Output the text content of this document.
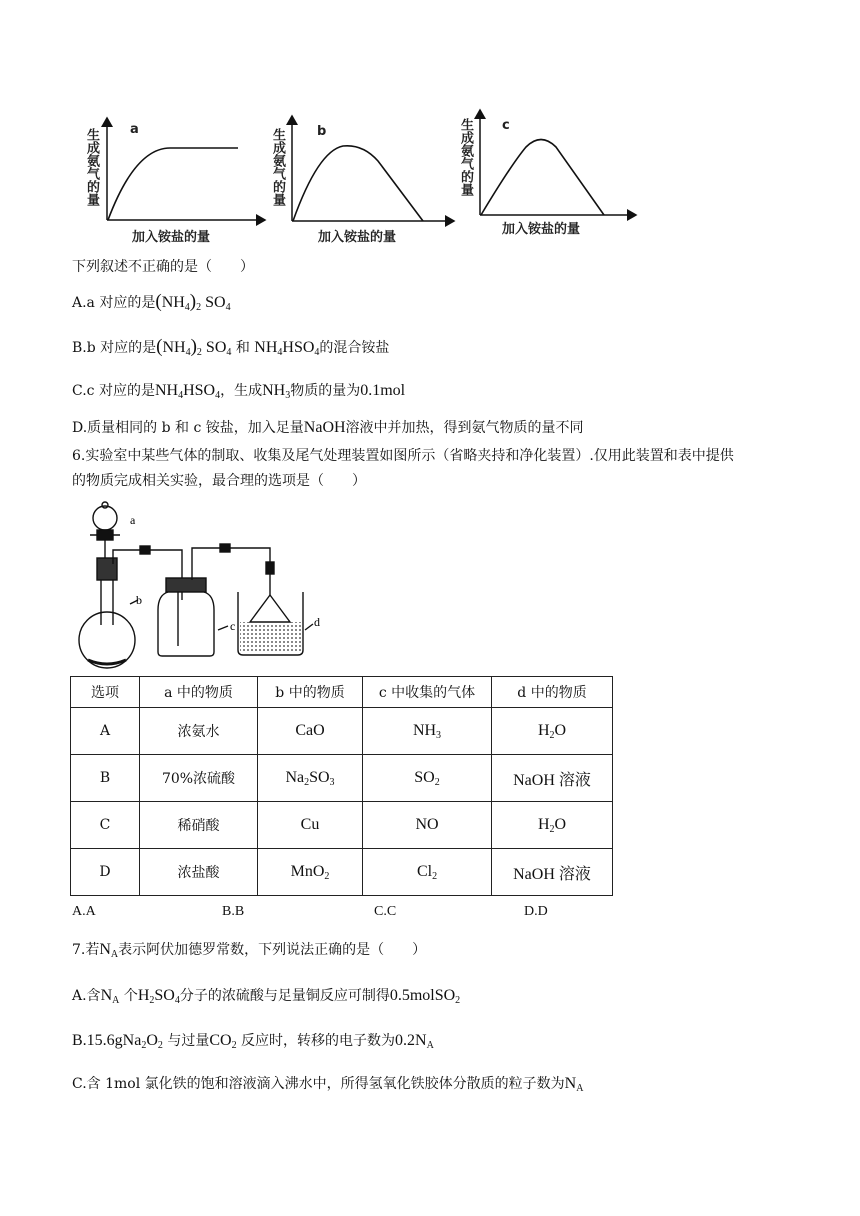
a
生成氨气的量
加入铵盐的量
b
生成氨气的量
加入铵盐的量
c
生成氨气的量
加入铵盐的量
下列叙述不正确的是（　　）
A.a 对应的是$(NH_4)_2$ $SO_4$
B.b 对应的是$(NH_4)_2$ $SO_4$ 和 $NH_4HSO_4$的混合铵盐
C.c 对应的是$NH_4HSO_4$，生成$NH_3$物质的量为0.1mol
D.质量相同的 b 和 c 铵盐，加入足量NaOH溶液中并加热，得到氨气物质的量不同
6.实验室中某些气体的制取、收集及尾气处理装置如图所示（省略夹持和净化装置）.仅用此装置和表中提供
的物质完成相关实验，最合理的选项是（　　）
a
b
c	d
选项	a 中的物质	b 中的物质	c 中收集的气体	d 中的物质
A	浓氨水	CaO	$NH_3$	$H_2O$
B	70%浓硫酸	$Na_2SO_3$	$SO_2$	NaOH 溶液
C	稀硝酸	Cu	NO	$H_2O$
D	浓盐酸	MnO$_2$	$Cl_2$	NaOH 溶液
A.A	B.B	C.C	D.D
7.若$N_A$表示阿伏加德罗常数，下列说法正确的是（　　）
A.含$N_A$ 个$H_2SO_4$分子的浓硫酸与足量铜反应可制得0.5molSO$_2$
$B.15.6gNa_2O_2$ 与过量$CO_2$ 反应时，转移的电子数为$0.2N_A$
C.含 1mol 氯化铁的饱和溶液滴入沸水中，所得氢氧化铁胶体分散质的粒子数为$N_A$
